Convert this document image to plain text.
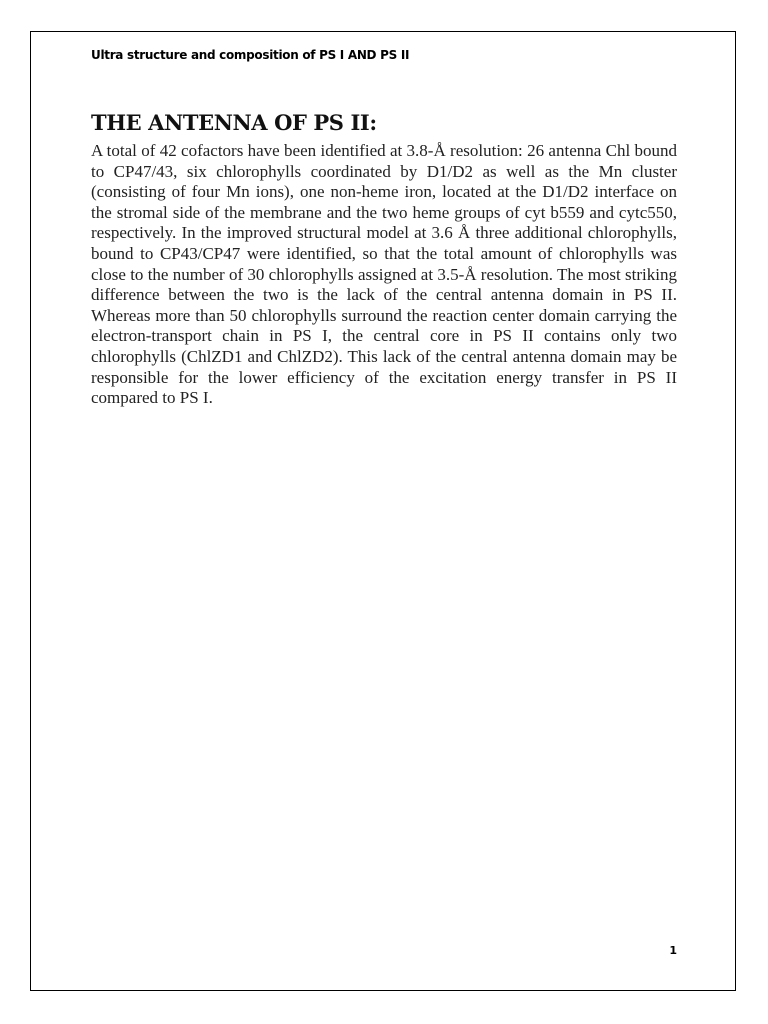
Ultra structure and composition of PS I AND PS II
THE ANTENNA OF PS II:

A total of 42 cofactors have been identified at 3.8-Å resolution: 26 antenna Chl bound to CP47/43, six chlorophylls coordinated by D1/D2 as well as the Mn cluster (consisting of four Mn ions), one non-heme iron, located at the D1/D2 interface on the stromal side of the membrane and the two heme groups of cyt b559 and cytc550, respectively. In the improved structural model at 3.6 Å three additional chlorophylls, bound to CP43/CP47 were identified, so that the total amount of chlorophylls was close to the number of 30 chlorophylls assigned at 3.5-Å resolution. The most striking difference between the two is the lack of the central antenna domain in PS II. Whereas more than 50 chlorophylls surround the reaction center domain carrying the electron-transport chain in PS I, the central core in PS II contains only two chlorophylls (ChlZD1 and ChlZD2). This lack of the central antenna domain may be responsible for the lower efficiency of the excitation energy transfer in PS II compared to PS I.

1
